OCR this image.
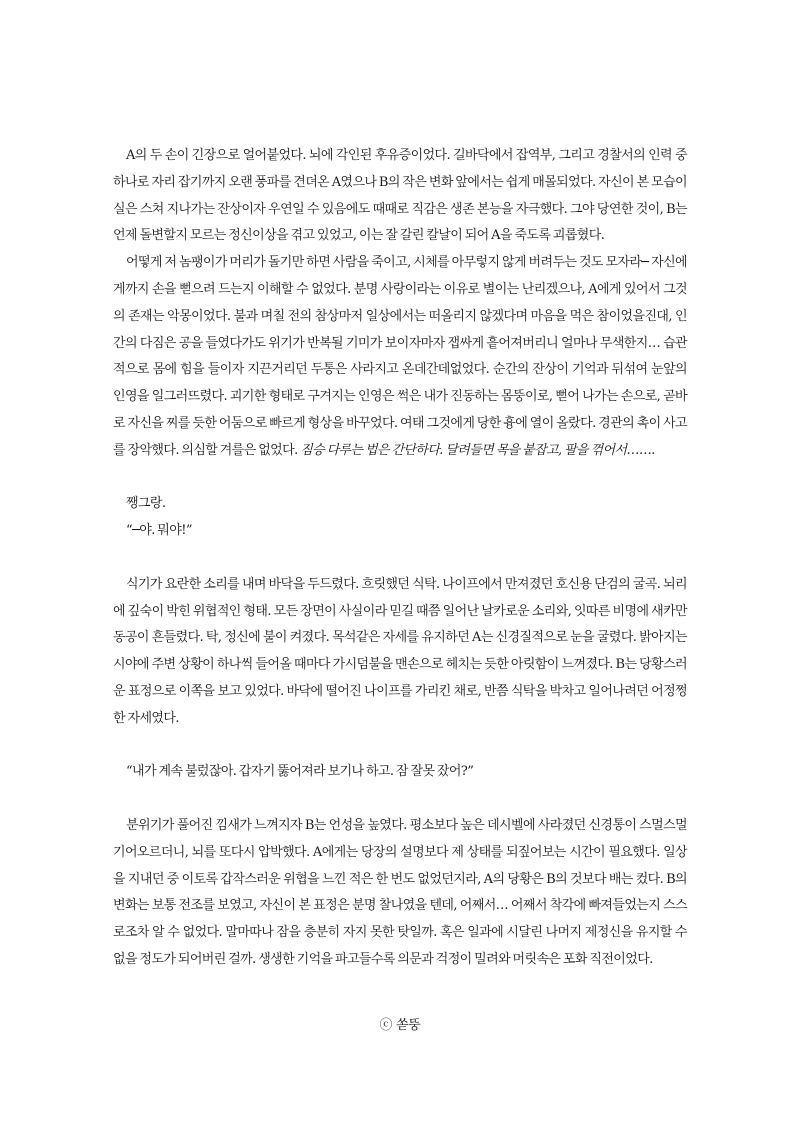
A의 두 손이 긴장으로 얼어붙었다. 뇌에 각인된 후유증이었다. 길바닥에서 잡역부, 그리고 경찰서의 인력 중 하나로 자리 잡기까지 오랜 풍파를 견뎌온 A였으나 B의 작은 변화 앞에서는 쉽게 매몰되었다. 자신이 본 모습이 실은 스쳐 지나가는 잔상이자 우연일 수 있음에도 때때로 직감은 생존 본능을 자극했다. 그야 당연한 것이, B는 언제 돌변할지 모르는 정신이상을 겪고 있었고, 이는 잘 갈린 칼날이 되어 A을 죽도록 괴롭혔다.

어떻게 저 놈팽이가 머리가 돌기만 하면 사람을 죽이고, 시체를 아무렇지 않게 버려두는 것도 모자라─ 자신에게까지 손을 뻗으려 드는지 이해할 수 없었다. 분명 사랑이라는 이유로 별이는 난리겠으나, A에게 있어서 그것의 존재는 악몽이었다. 불과 며칠 전의 참상마저 일상에서는 떠올리지 않겠다며 마음을 먹은 참이었을진대, 인간의 다짐은 공을 들였다가도 위기가 반복될 기미가 보이자마자 잽싸게 흩어져버리니 얼마나 무색한지… 습관적으로 몸에 힘을 들이자 지끈거리던 두통은 사라지고 온데간데없었다. 순간의 잔상이 기억과 뒤섞여 눈앞의 인영을 일그러뜨렸다. 괴기한 형태로 구겨지는 인영은 썩은 내가 진동하는 몸뚱이로, 뻗어 나가는 손으로, 곧바로 자신을 찌를 듯한 어둠으로 빠르게 형상을 바꾸었다. 여태 그것에게 당한 흉에 열이 올랐다. 경관의 촉이 사고를 장악했다. 의심할 겨를은 없었다. 짐승 다루는 법은 간단하다. 달려들면 목을 붙잡고, 팔을 꺾어서…….

쨍그랑.

“─야. 뭐야!”

식기가 요란한 소리를 내며 바닥을 두드렸다. 흐릿했던 식탁. 나이프에서 만져졌던 호신용 단검의 굴곡. 뇌리에 깊숙이 박힌 위협적인 형태. 모든 장면이 사실이라 믿길 때쯤 일어난 날카로운 소리와, 잇따른 비명에 새카만 동공이 흔들렸다. 탁, 정신에 불이 켜졌다. 목석같은 자세를 유지하던 A는 신경질적으로 눈을 굴렸다. 밝아지는 시야에 주변 상황이 하나씩 들어올 때마다 가시덤불을 맨손으로 헤치는 듯한 아릿함이 느껴졌다. B는 당황스러운 표정으로 이쪽을 보고 있었다. 바닥에 떨어진 나이프를 가리킨 채로, 반쯤 식탁을 박차고 일어나려던 어정쩡한 자세였다.

“내가 계속 불렀잖아. 갑자기 뚫어져라 보기나 하고. 잠 잘못 잤어?”

분위기가 풀어진 낌새가 느껴지자 B는 언성을 높였다. 평소보다 높은 데시벨에 사라졌던 신경통이 스멀스멀 기어오르더니, 뇌를 또다시 압박했다. A에게는 당장의 설명보다 제 상태를 되짚어보는 시간이 필요했다. 일상을 지내던 중 이토록 갑작스러운 위협을 느낀 적은 한 번도 없었던지라, A의 당황은 B의 것보다 배는 컸다. B의 변화는 보통 전조를 보였고, 자신이 본 표정은 분명 찰나였을 텐데, 어째서… 어째서 착각에 빠져들었는지 스스로조차 알 수 없었다. 말마따나 잠을 충분히 자지 못한 탓일까. 혹은 일과에 시달린 나머지 제정신을 유지할 수 없을 정도가 되어버린 걸까. 생생한 기억을 파고들수록 의문과 걱정이 밀려와 머릿속은 포화 직전이었다.

ⓒ 쏟뚱
